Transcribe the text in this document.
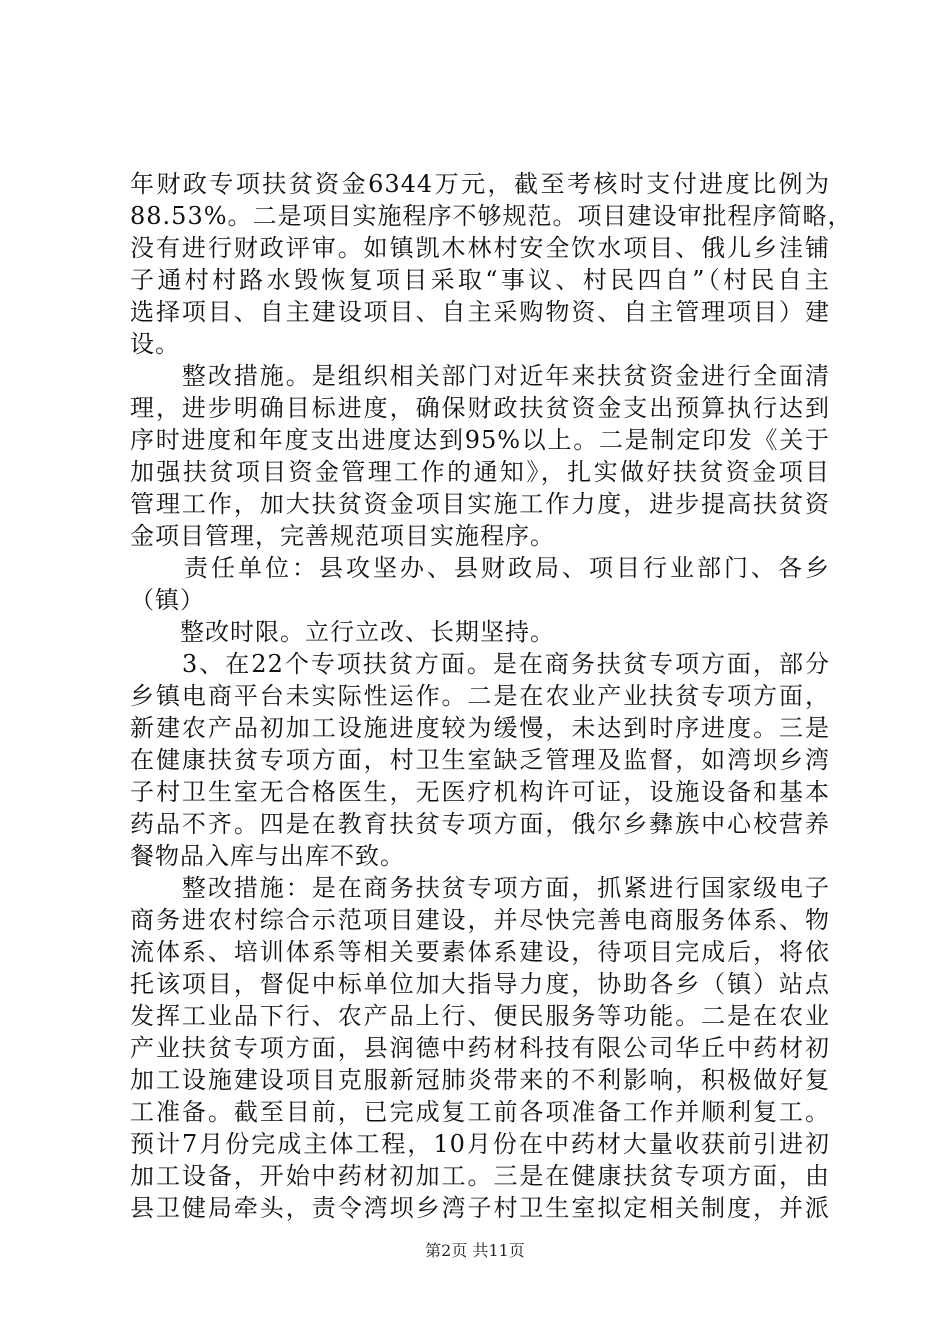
年财政专项扶贫资金6344万元，截至考核时支付进度比例为
88.53%。二是项目实施程序不够规范。项目建设审批程序简略，
没有进行财政评审。如镇凯木林村安全饮水项目、俄儿乡洼铺
子通村村路水毁恢复项目采取“事议、村民四自”（村民自主
选择项目、自主建设项目、自主采购物资、自主管理项目）建
设。
　　整改措施。是组织相关部门对近年来扶贫资金进行全面清
理，进步明确目标进度，确保财政扶贫资金支出预算执行达到
序时进度和年度支出进度达到95%以上。二是制定印发《关于
加强扶贫项目资金管理工作的通知》，扎实做好扶贫资金项目
管理工作，加大扶贫资金项目实施工作力度，进步提高扶贫资
金项目管理，完善规范项目实施程序。
　　责任单位：县攻坚办、县财政局、项目行业部门、各乡
（镇）
　　整改时限。立行立改、长期坚持。
　　3、在22个专项扶贫方面。是在商务扶贫专项方面，部分
乡镇电商平台未实际性运作。二是在农业产业扶贫专项方面，
新建农产品初加工设施进度较为缓慢，未达到时序进度。三是
在健康扶贫专项方面，村卫生室缺乏管理及监督，如湾坝乡湾
子村卫生室无合格医生，无医疗机构许可证，设施设备和基本
药品不齐。四是在教育扶贫专项方面，俄尔乡彝族中心校营养
餐物品入库与出库不致。
　　整改措施：是在商务扶贫专项方面，抓紧进行国家级电子
商务进农村综合示范项目建设，并尽快完善电商服务体系、物
流体系、培训体系等相关要素体系建设，待项目完成后，将依
托该项目，督促中标单位加大指导力度，协助各乡（镇）站点
发挥工业品下行、农产品上行、便民服务等功能。二是在农业
产业扶贫专项方面，县润德中药材科技有限公司华丘中药材初
加工设施建设项目克服新冠肺炎带来的不利影响，积极做好复
工准备。截至目前，已完成复工前各项准备工作并顺利复工。
预计7月份完成主体工程，10月份在中药材大量收获前引进初
加工设备，开始中药材初加工。三是在健康扶贫专项方面，由
县卫健局牵头，责令湾坝乡湾子村卫生室拟定相关制度，并派
第2页 共11页
